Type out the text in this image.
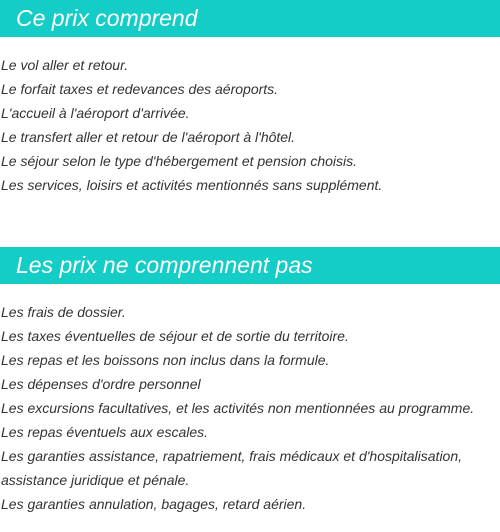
Ce prix comprend
Le vol aller et retour.
Le forfait taxes et redevances des aéroports.
L'accueil à l'aéroport d'arrivée.
Le transfert aller et retour de l'aéroport à l'hôtel.
Le séjour selon le type d'hébergement et pension choisis.
Les services, loisirs et activités mentionnés sans supplément.
Les prix ne comprennent pas
Les frais de dossier.
Les taxes éventuelles de séjour et de sortie du territoire.
Les repas et les boissons non inclus dans la formule.
Les dépenses d'ordre personnel
Les excursions facultatives, et les activités non mentionnées au programme.
Les repas éventuels aux escales.
Les garanties assistance, rapatriement, frais médicaux et d'hospitalisation, assistance juridique et pénale.
Les garanties annulation, bagages, retard aérien.
